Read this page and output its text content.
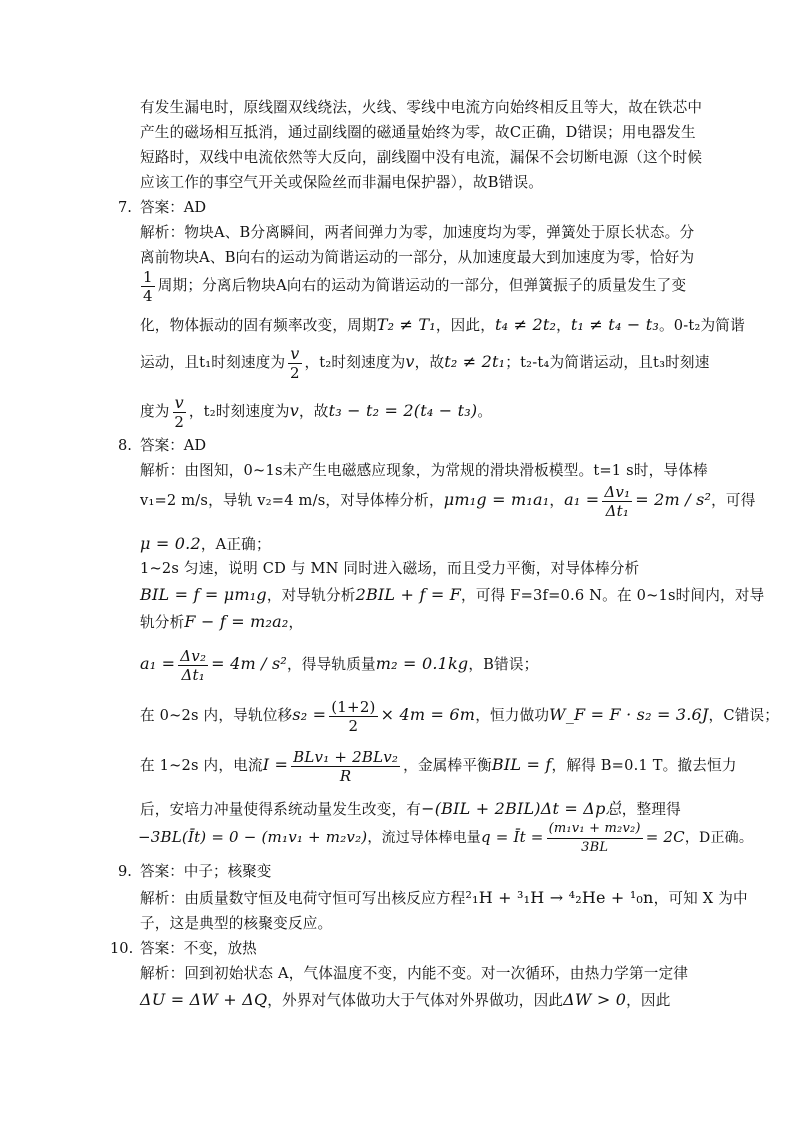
有发生漏电时，原线圈双线绕法，火线、零线中电流方向始终相反且等大，故在铁芯中
产生的磁场相互抵消，通过副线圈的磁通量始终为零，故C正确，D错误；用电器发生
短路时，双线中电流依然等大反向，副线圈中没有电流，漏保不会切断电源（这个时候
应该工作的事空气开关或保险丝而非漏电保护器），故B错误。
7. 答案：AD
解析：物块A、B分离瞬间，两者间弹力为零，加速度均为零，弹簧处于原长状态。分
离前物块A、B向右的运动为简谐运动的一部分，从加速度最大到加速度为零，恰好为
$\frac{1}{4}$ 周期；分离后物块A向右的运动为简谐运动的一部分，但弹簧振子的质量发生了变
化，物体振动的固有频率改变，周期T₂ ≠ T₁，因此，t₄ ≠ 2t₂，t₁ ≠ t₄ − t₃。0-t₂为简谐
运动，且t₁时刻速度为 $\frac{v}{2}$ ，t₂时刻速度为v，故t₂ ≠ 2t₁；t₂-t₄为简谐运动，且t₃时刻速
度为 $\frac{v}{2}$ ，t₂时刻速度为v，故t₃ − t₂ = 2(t₄ − t₃)。
8. 答案：AD
解析：由图知，0~1s未产生电磁感应现象，为常规的滑块滑板模型。t=1 s时，导体棒
v₁=2 m/s，导轨 v₂=4 m/s，对导体棒分析，μm₁g = m₁a₁，$a_1 = \frac{\text{Δv₁}}{\text{Δt₁}} = 2m / s^2$，可得
μ = 0.2，A正确；
1~2s 匀速，说明 CD 与 MN 同时进入磁场，而且受力平衡，对导体棒分析
BIL = f = μm₁g，对导轨分析2BIL + f = F，可得 F=3f=0.6 N。在 0~1s时间内，对导
轨分析F − f = m₂a₂，
$a_1 = \frac{\text{Δv₂}}{\text{Δt₁}} = 4m / s^2$，得导轨质量m₂ = 0.1kg，B错误；
在 0~2s 内，导轨位移$s_2 = \frac{(1+2)}{2} \times 4m = 6m$，恒力做功W_F = F · s₂ = 3.6J，C错误；
在 1~2s 内，电流$I = \frac{\text{BLv₁ + 2BLv₂}}{R}$ ，金属棒平衡BIL = f，解得 B=0.1 T。撤去恒力
后，安培力冲量使得系统动量发生改变，有−(BIL + 2BIL)Δt = Δp总，整理得
−3BL(Īt) = 0 − (m₁v₁ + m₂v₂)，流过导体棒电量q = Īt = $\frac{\text{(m₁v₁ + m₂v₂)}}{3BL} = 2C$，D正确。
9. 答案：中子；核聚变
解析：由质量数守恒及电荷守恒可写出核反应方程²₁H + ³₁H → ⁴₂He + ¹₀n，可知 X 为中
子，这是典型的核聚变反应。
10. 答案：不变，放热
解析：回到初始状态 A，气体温度不变，内能不变。对一次循环，由热力学第一定律
ΔU = ΔW + ΔQ，外界对气体做功大于气体对外界做功，因此ΔW > 0，因此
